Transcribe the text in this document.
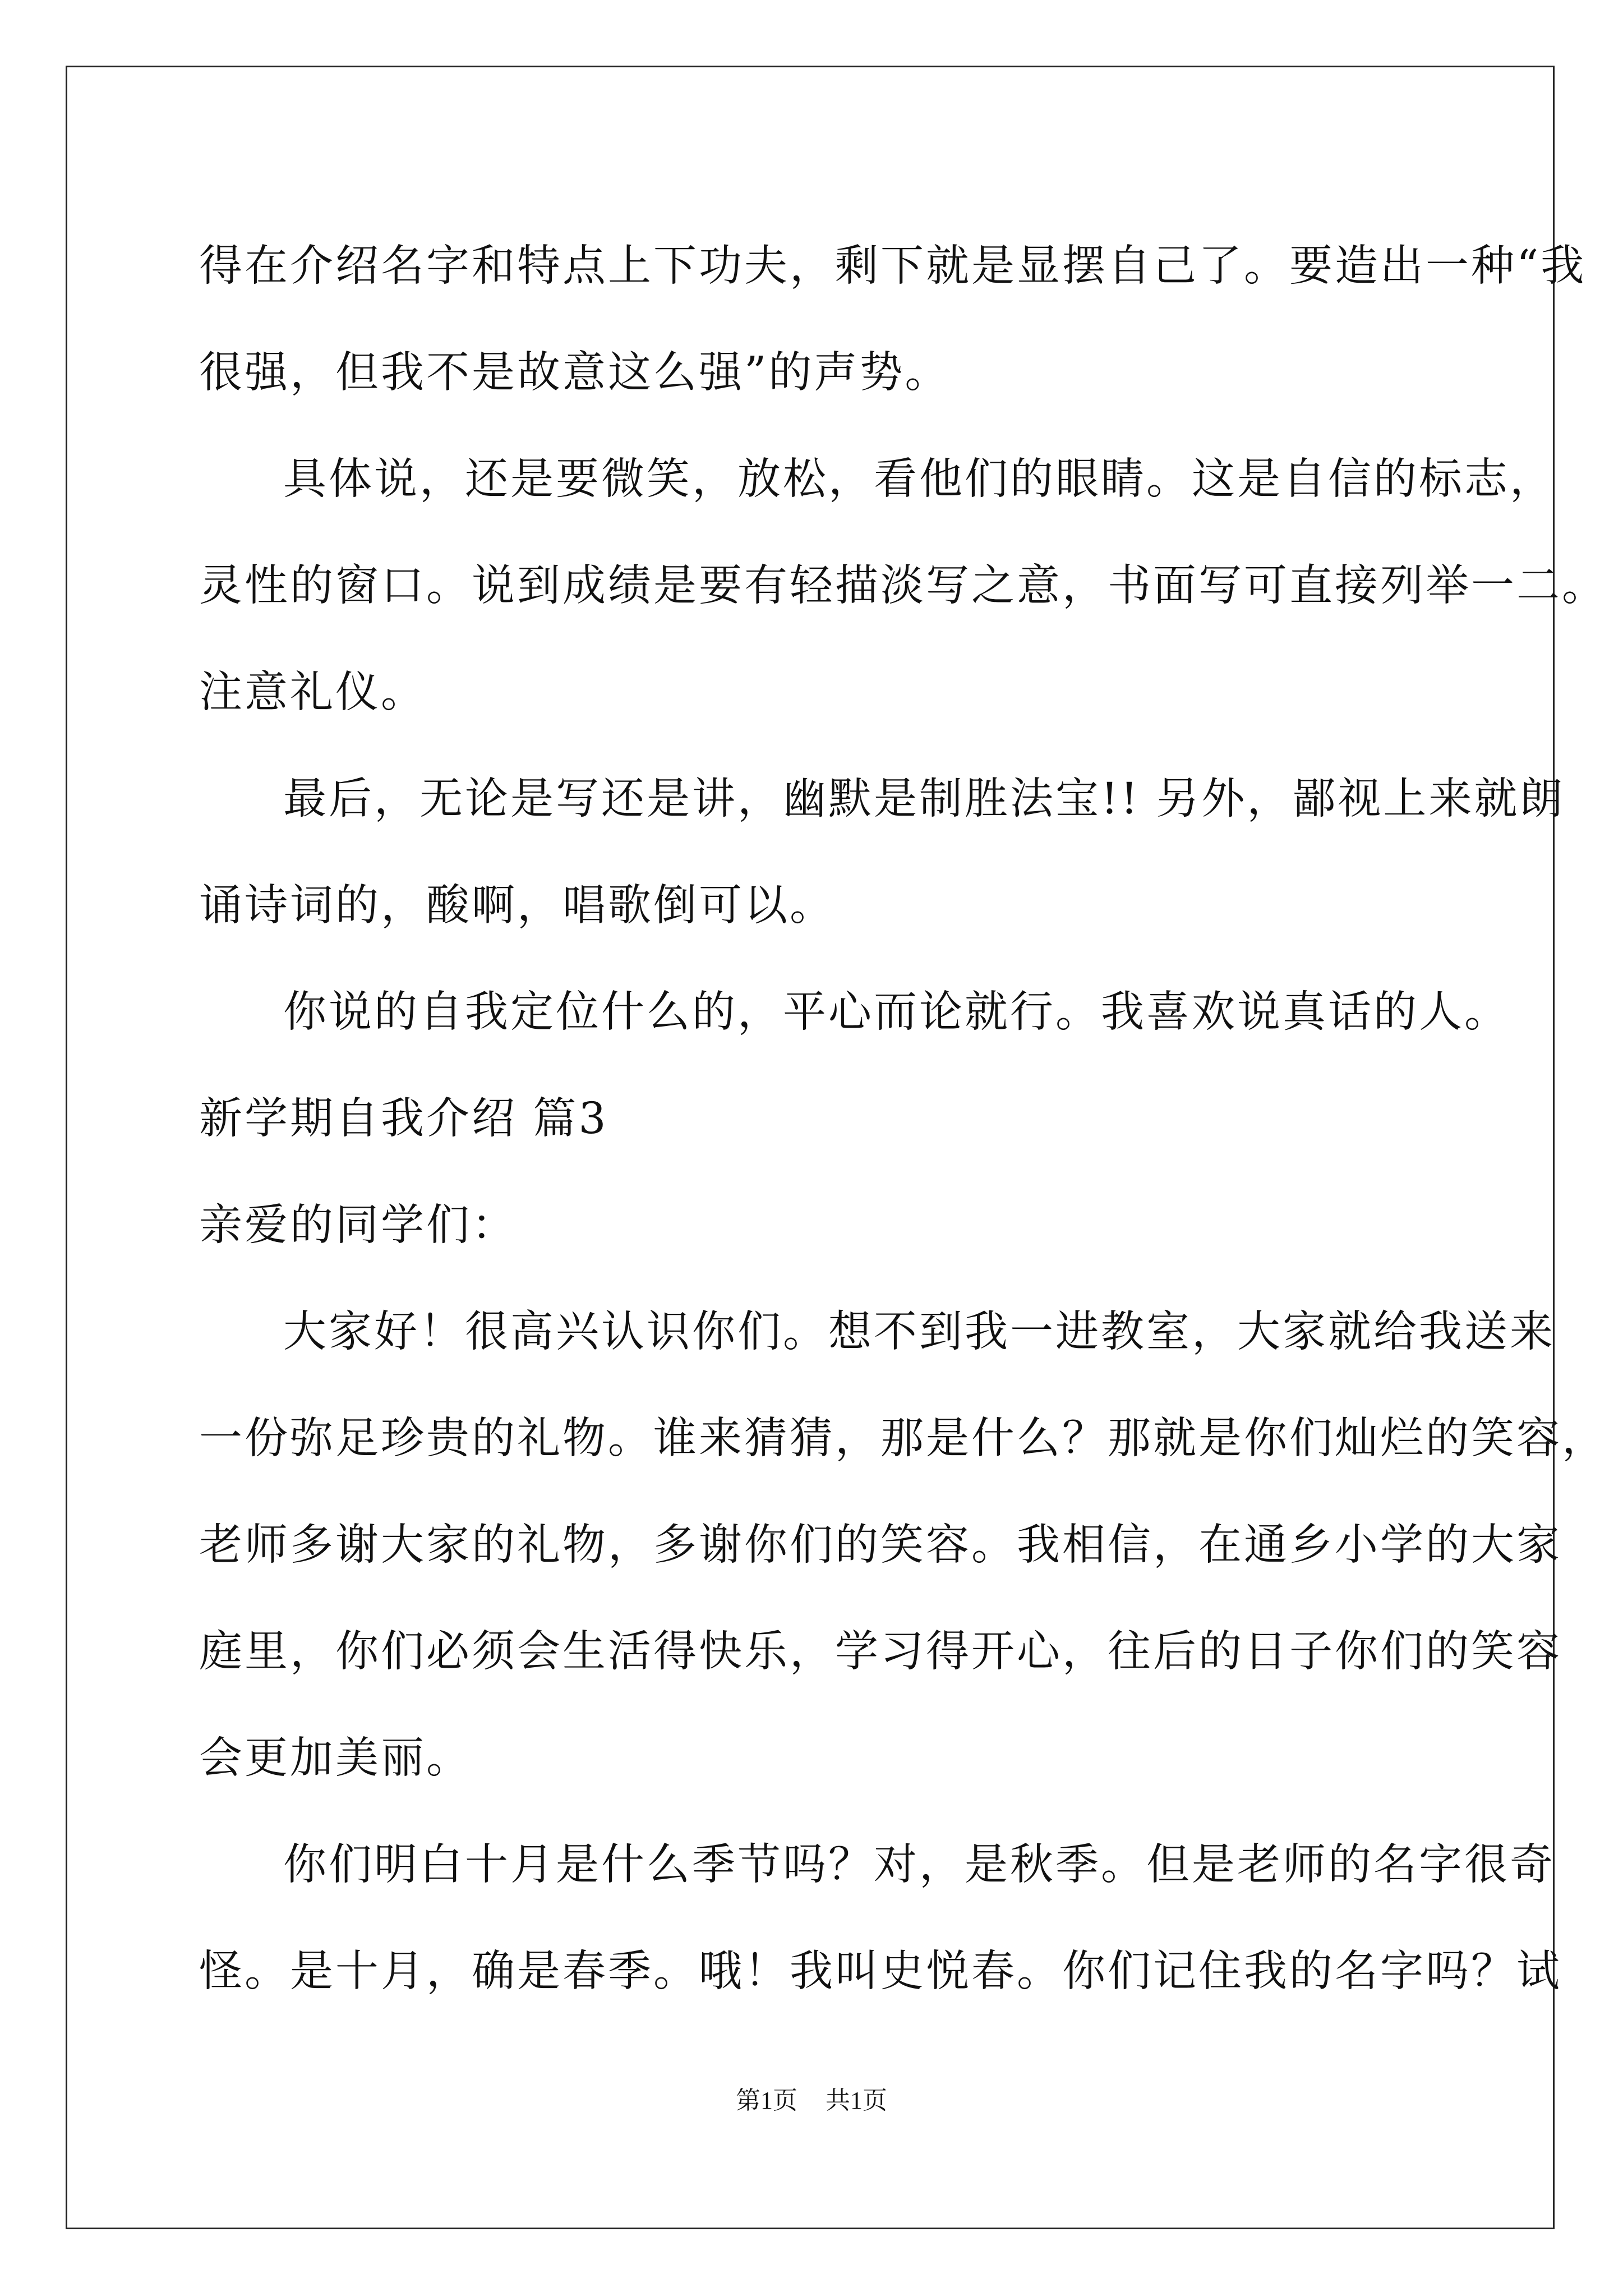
得在介绍名字和特点上下功夫，剩下就是显摆自己了。要造出一种“我
很强，但我不是故意这么强”的声势。
具体说，还是要微笑，放松，看他们的眼睛。这是自信的标志，
灵性的窗口。说到成绩是要有轻描淡写之意，书面写可直接列举一二。
注意礼仪。
最后，无论是写还是讲，幽默是制胜法宝!! 另外，鄙视上来就朗
诵诗词的，酸啊，唱歌倒可以。
你说的自我定位什么的，平心而论就行。我喜欢说真话的人。
新学期自我介绍 篇3
亲爱的同学们：
大家好！很高兴认识你们。想不到我一进教室，大家就给我送来
一份弥足珍贵的礼物。谁来猜猜，那是什么？那就是你们灿烂的笑容，
老师多谢大家的礼物，多谢你们的笑容。我相信，在通乡小学的大家
庭里，你们必须会生活得快乐，学习得开心，往后的日子你们的笑容
会更加美丽。
你们明白十月是什么季节吗？对，是秋季。但是老师的名字很奇
怪。是十月，确是春季。哦！我叫史悦春。你们记住我的名字吗？试
第1页 共1页
